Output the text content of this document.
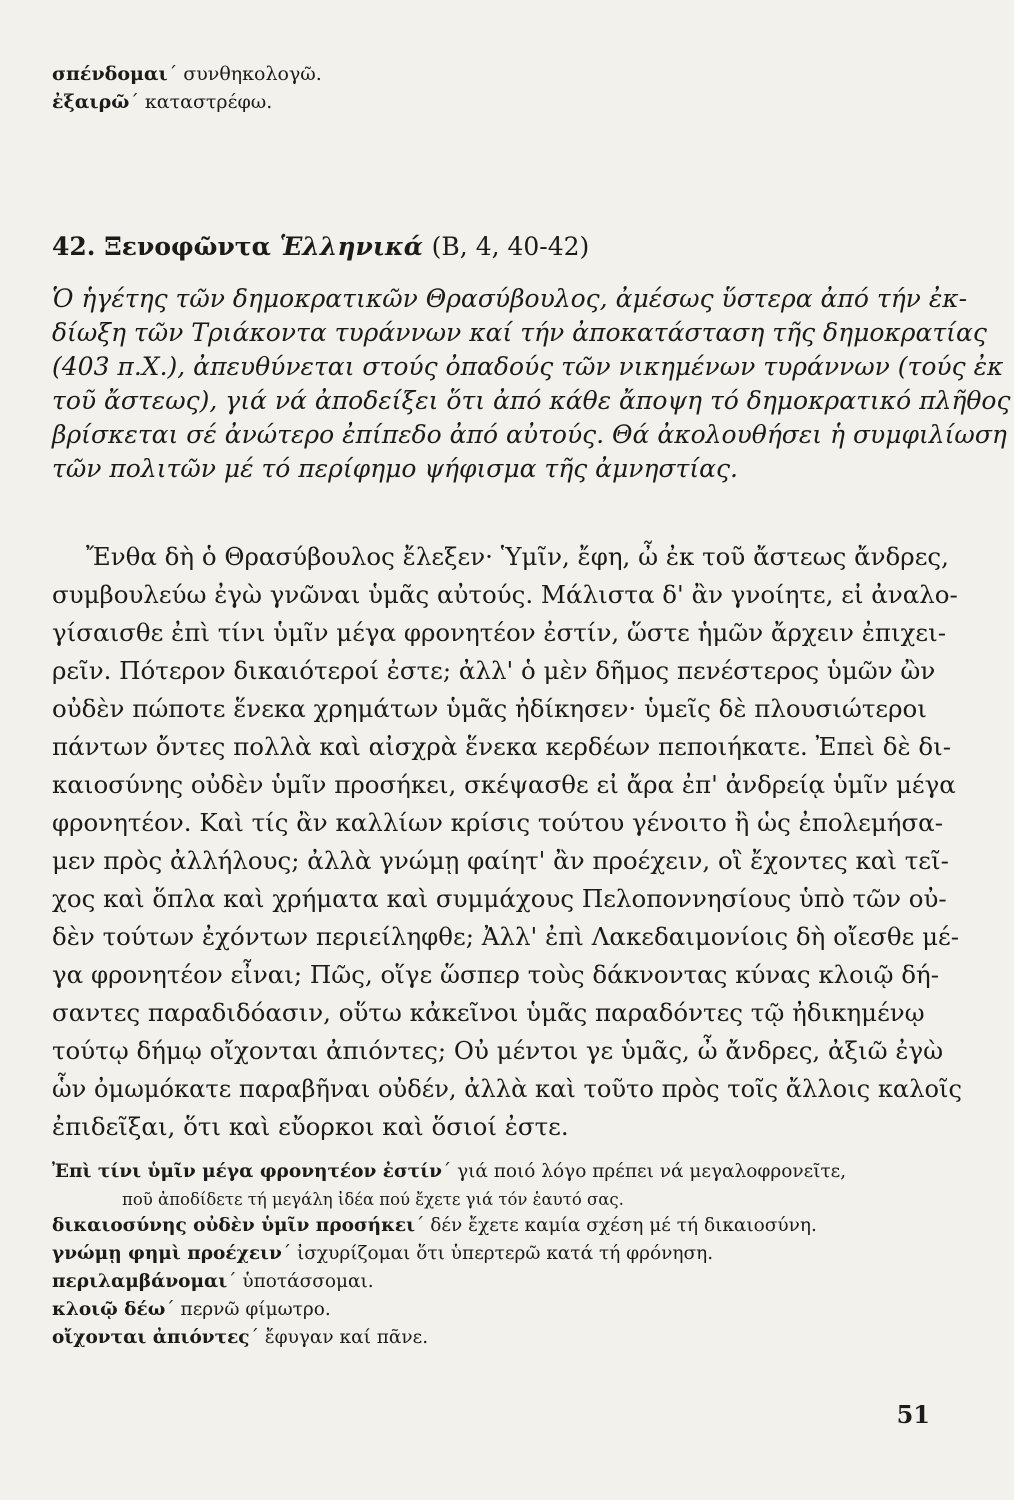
σπένδομαι΄ συνθηκολογῶ.
ἐξαιρῶ΄ καταστρέφω.
42. Ξενοφῶντα Ἑλληνικά (Β, 4, 40-42)
Ὁ ἡγέτης τῶν δημοκρατικῶν Θρασύβουλος, ἀμέσως ὕστερα ἀπό τήν ἐκ-
δίωξη τῶν Τριάκοντα τυράννων καί τήν ἀποκατάσταση τῆς δημοκρατίας
(403 π.Χ.), ἀπευθύνεται στούς ὀπαδούς τῶν νικημένων τυράννων (τούς ἐκ
τοῦ ἄστεως), γιά νά ἀποδείξει ὅτι ἀπό κάθε ἄποψη τό δημοκρατικό πλῆθος
βρίσκεται σέ ἀνώτερο ἐπίπεδο ἀπό αὐτούς. Θά ἀκολουθήσει ἡ συμφιλίωση
τῶν πολιτῶν μέ τό περίφημο ψήφισμα τῆς ἀμνηστίας.
Ἔνθα δὴ ὁ Θρασύβουλος ἔλεξεν· Ὑμῖν, ἔφη, ὦ ἐκ τοῦ ἄστεως ἄνδρες,
συμβουλεύω ἐγὼ γνῶναι ὑμᾶς αὐτούς. Μάλιστα δ' ἂν γνοίητε, εἰ ἀναλο-
γίσαισθε ἐπὶ τίνι ὑμῖν μέγα φρονητέον ἐστίν, ὥστε ἡμῶν ἄρχειν ἐπιχει-
ρεῖν. Πότερον δικαιότεροί ἐστε; ἀλλ' ὁ μὲν δῆμος πενέστερος ὑμῶν ὢν
οὐδὲν πώποτε ἕνεκα χρημάτων ὑμᾶς ἠδίκησεν· ὑμεῖς δὲ πλουσιώτεροι
πάντων ὄντες πολλὰ καὶ αἰσχρὰ ἕνεκα κερδέων πεποιήκατε. Ἐπεὶ δὲ δι-
καιοσύνης οὐδὲν ὑμῖν προσήκει, σκέψασθε εἰ ἄρα ἐπ' ἀνδρείᾳ ὑμῖν μέγα
φρονητέον. Καὶ τίς ἂν καλλίων κρίσις τούτου γένοιτο ἢ ὡς ἐπολεμήσα-
μεν πρὸς ἀλλήλους; ἀλλὰ γνώμῃ φαίητ' ἂν προέχειν, οἳ ἔχοντες καὶ τεῖ-
χος καὶ ὅπλα καὶ χρήματα καὶ συμμάχους Πελοποννησίους ὑπὸ τῶν οὐ-
δὲν τούτων ἐχόντων περιείληφθε; Ἀλλ' ἐπὶ Λακεδαιμονίοις δὴ οἴεσθε μέ-
γα φρονητέον εἶναι; Πῶς, οἵγε ὥσπερ τοὺς δάκνοντας κύνας κλοιῷ δή-
σαντες παραδιδόασιν, οὕτω κἀκεῖνοι ὑμᾶς παραδόντες τῷ ἠδικημένῳ
τούτῳ δήμῳ οἴχονται ἀπιόντες; Οὐ μέντοι γε ὑμᾶς, ὦ ἄνδρες, ἀξιῶ ἐγὼ
ὧν ὀμωμόκατε παραβῆναι οὐδέν, ἀλλὰ καὶ τοῦτο πρὸς τοῖς ἄλλοις καλοῖς
ἐπιδεῖξαι, ὅτι καὶ εὔορκοι καὶ ὅσιοί ἐστε.
Ἐπὶ τίνι ὑμῖν μέγα φρονητέον ἐστίν΄ γιά ποιό λόγο πρέπει νά μεγαλοφρονεῖτε,
ποῦ ἀποδίδετε τή μεγάλη ἰδέα πού ἔχετε γιά τόν ἑαυτό σας.
δικαιοσύνης οὐδὲν ὑμῖν προσήκει΄ δέν ἔχετε καμία σχέση μέ τή δικαιοσύνη.
γνώμῃ φημὶ προέχειν΄ ἰσχυρίζομαι ὅτι ὑπερτερῶ κατά τή φρόνηση.
περιλαμβάνομαι΄ ὑποτάσσομαι.
κλοιῷ δέω΄ περνῶ φίμωτρο.
οἴχονται ἀπιόντες΄ ἔφυγαν καί πᾶνε.
51
